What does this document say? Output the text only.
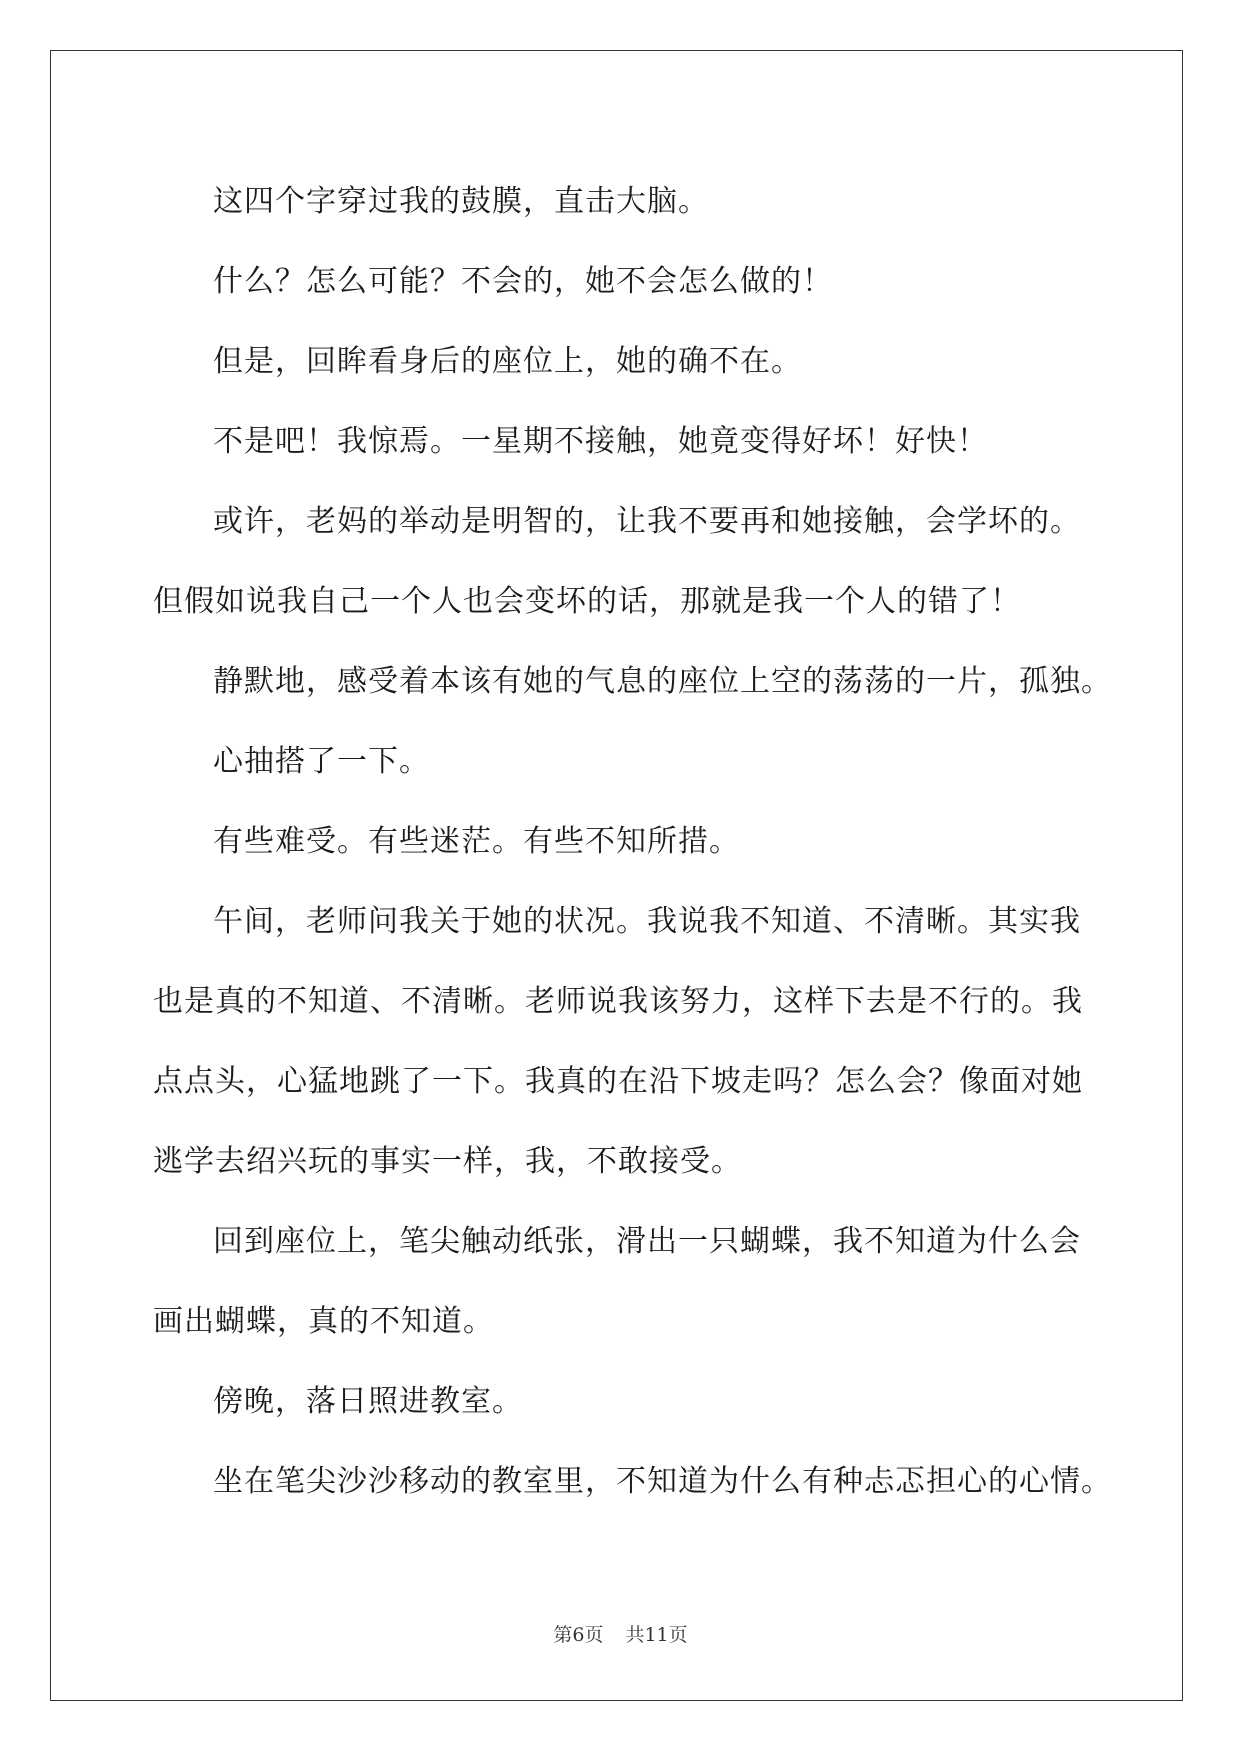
这四个字穿过我的鼓膜，直击大脑。

什么？怎么可能？不会的，她不会怎么做的！

但是，回眸看身后的座位上，她的确不在。

不是吧！我惊焉。一星期不接触，她竟变得好坏！好快！

或许，老妈的举动是明智的，让我不要再和她接触，会学坏的。
但假如说我自己一个人也会变坏的话，那就是我一个人的错了！

静默地，感受着本该有她的气息的座位上空的荡荡的一片，孤独。

心抽搭了一下。

有些难受。有些迷茫。有些不知所措。

午间，老师问我关于她的状况。我说我不知道、不清晰。其实我
也是真的不知道、不清晰。老师说我该努力，这样下去是不行的。我
点点头，心猛地跳了一下。我真的在沿下坡走吗？怎么会？像面对她
逃学去绍兴玩的事实一样，我，不敢接受。

回到座位上，笔尖触动纸张，滑出一只蝴蝶，我不知道为什么会
画出蝴蝶，真的不知道。

傍晚，落日照进教室。

坐在笔尖沙沙移动的教室里，不知道为什么有种忐忑担心的心情。

第6页 共11页
